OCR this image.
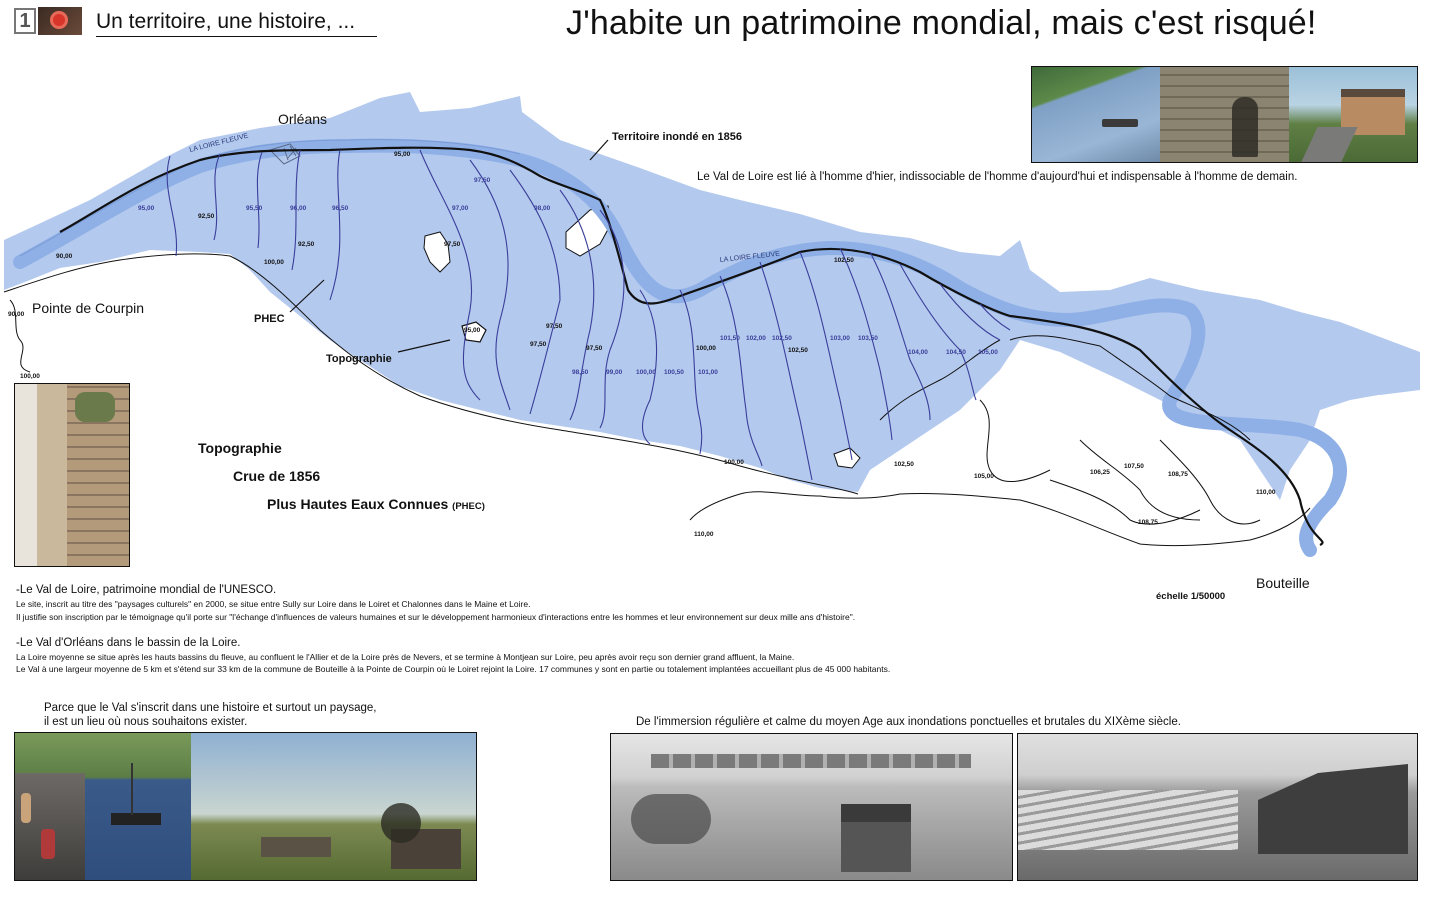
1	Un territoire, une histoire, ...	J'habite un patrimoine mondial, mais c'est risqué!
Le Val de Loire est lié à l'homme d'hier, indissociable de l'homme d'aujourd'hui et indispensable à l'homme de demain.
90,00
92,50
92,50
95,00
97,50
100,00
100,00
97,50
97,50
97,50
95,00
100,00
100,00
102,50
102,50
102,50
105,00
106,25
107,50
108,75
108,75
110,00
110,00
90,00
95,00	95,50	96,00	96,50	97,00
97,50
98,00
98,50	99,00 100,00 100,50 101,00
101,50 102,00 102,50	103,00 103,50
104,00	104,50 105,00
LA LOIRE FLEUVE
LA LOIRE FLEUVE
Orléans
Pointe de Courpin
Bouteille
Territoire inondé en 1856
PHEC
Topographie
échelle 1/50000
Topographie
Crue de 1856
Plus Hautes Eaux Connues (PHEC)
-Le Val de Loire, patrimoine mondial de l'UNESCO.
Le site, inscrit au titre des "paysages culturels" en 2000, se situe entre Sully sur Loire dans le Loiret et Chalonnes dans le Maine et Loire.
Il justifie son inscription par le témoignage qu'il porte sur "l'échange d'influences de valeurs humaines et sur le développement harmonieux d'interactions entre les hommes et leur environnement sur deux mille ans d'histoire".
-Le Val d'Orléans dans le bassin de la Loire.
La Loire moyenne se situe après les hauts bassins du fleuve, au confluent le l'Allier et de la Loire près de Nevers, et se termine à Montjean sur Loire, peu après avoir reçu son dernier grand affluent, la Maine.
Le Val à une largeur moyenne de 5 km et s'étend sur 33 km de la commune de Bouteille à la Pointe de Courpin où le Loiret rejoint la Loire. 17 communes y sont en partie ou totalement implantées accueillant plus de 45 000 habitants.
Parce que le Val s'inscrit dans une histoire et surtout un paysage,
il est un lieu où nous souhaitons exister.	De l'immersion régulière et calme du moyen Age aux inondations ponctuelles et brutales du XIXème siècle.
